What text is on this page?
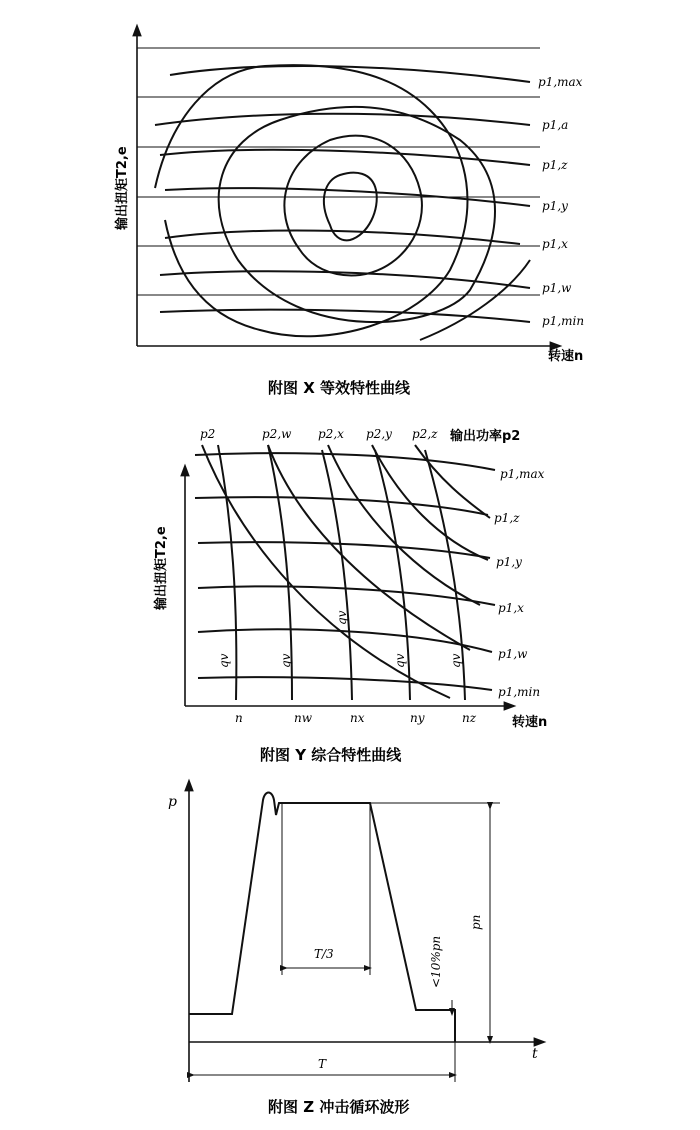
p1,max
p1,a
p1,z
p1,y
p1,x
p1,w
p1,min
输出扭矩T2,e
转速n
附图 X 等效特性曲线
p2	p2,w p2,x p2,y p2,z 输出功率p2
p1,max
p1,z
p1,y
p1,x
p1,w
p1,min
qv	qv
qv
qv	qv
n	nw	nx	ny	nz
输出扭矩T2,e
转速n
附图 Y 综合特性曲线
T/3
pn
<10%pn
T
p
t
附图 Z 冲击循环波形
